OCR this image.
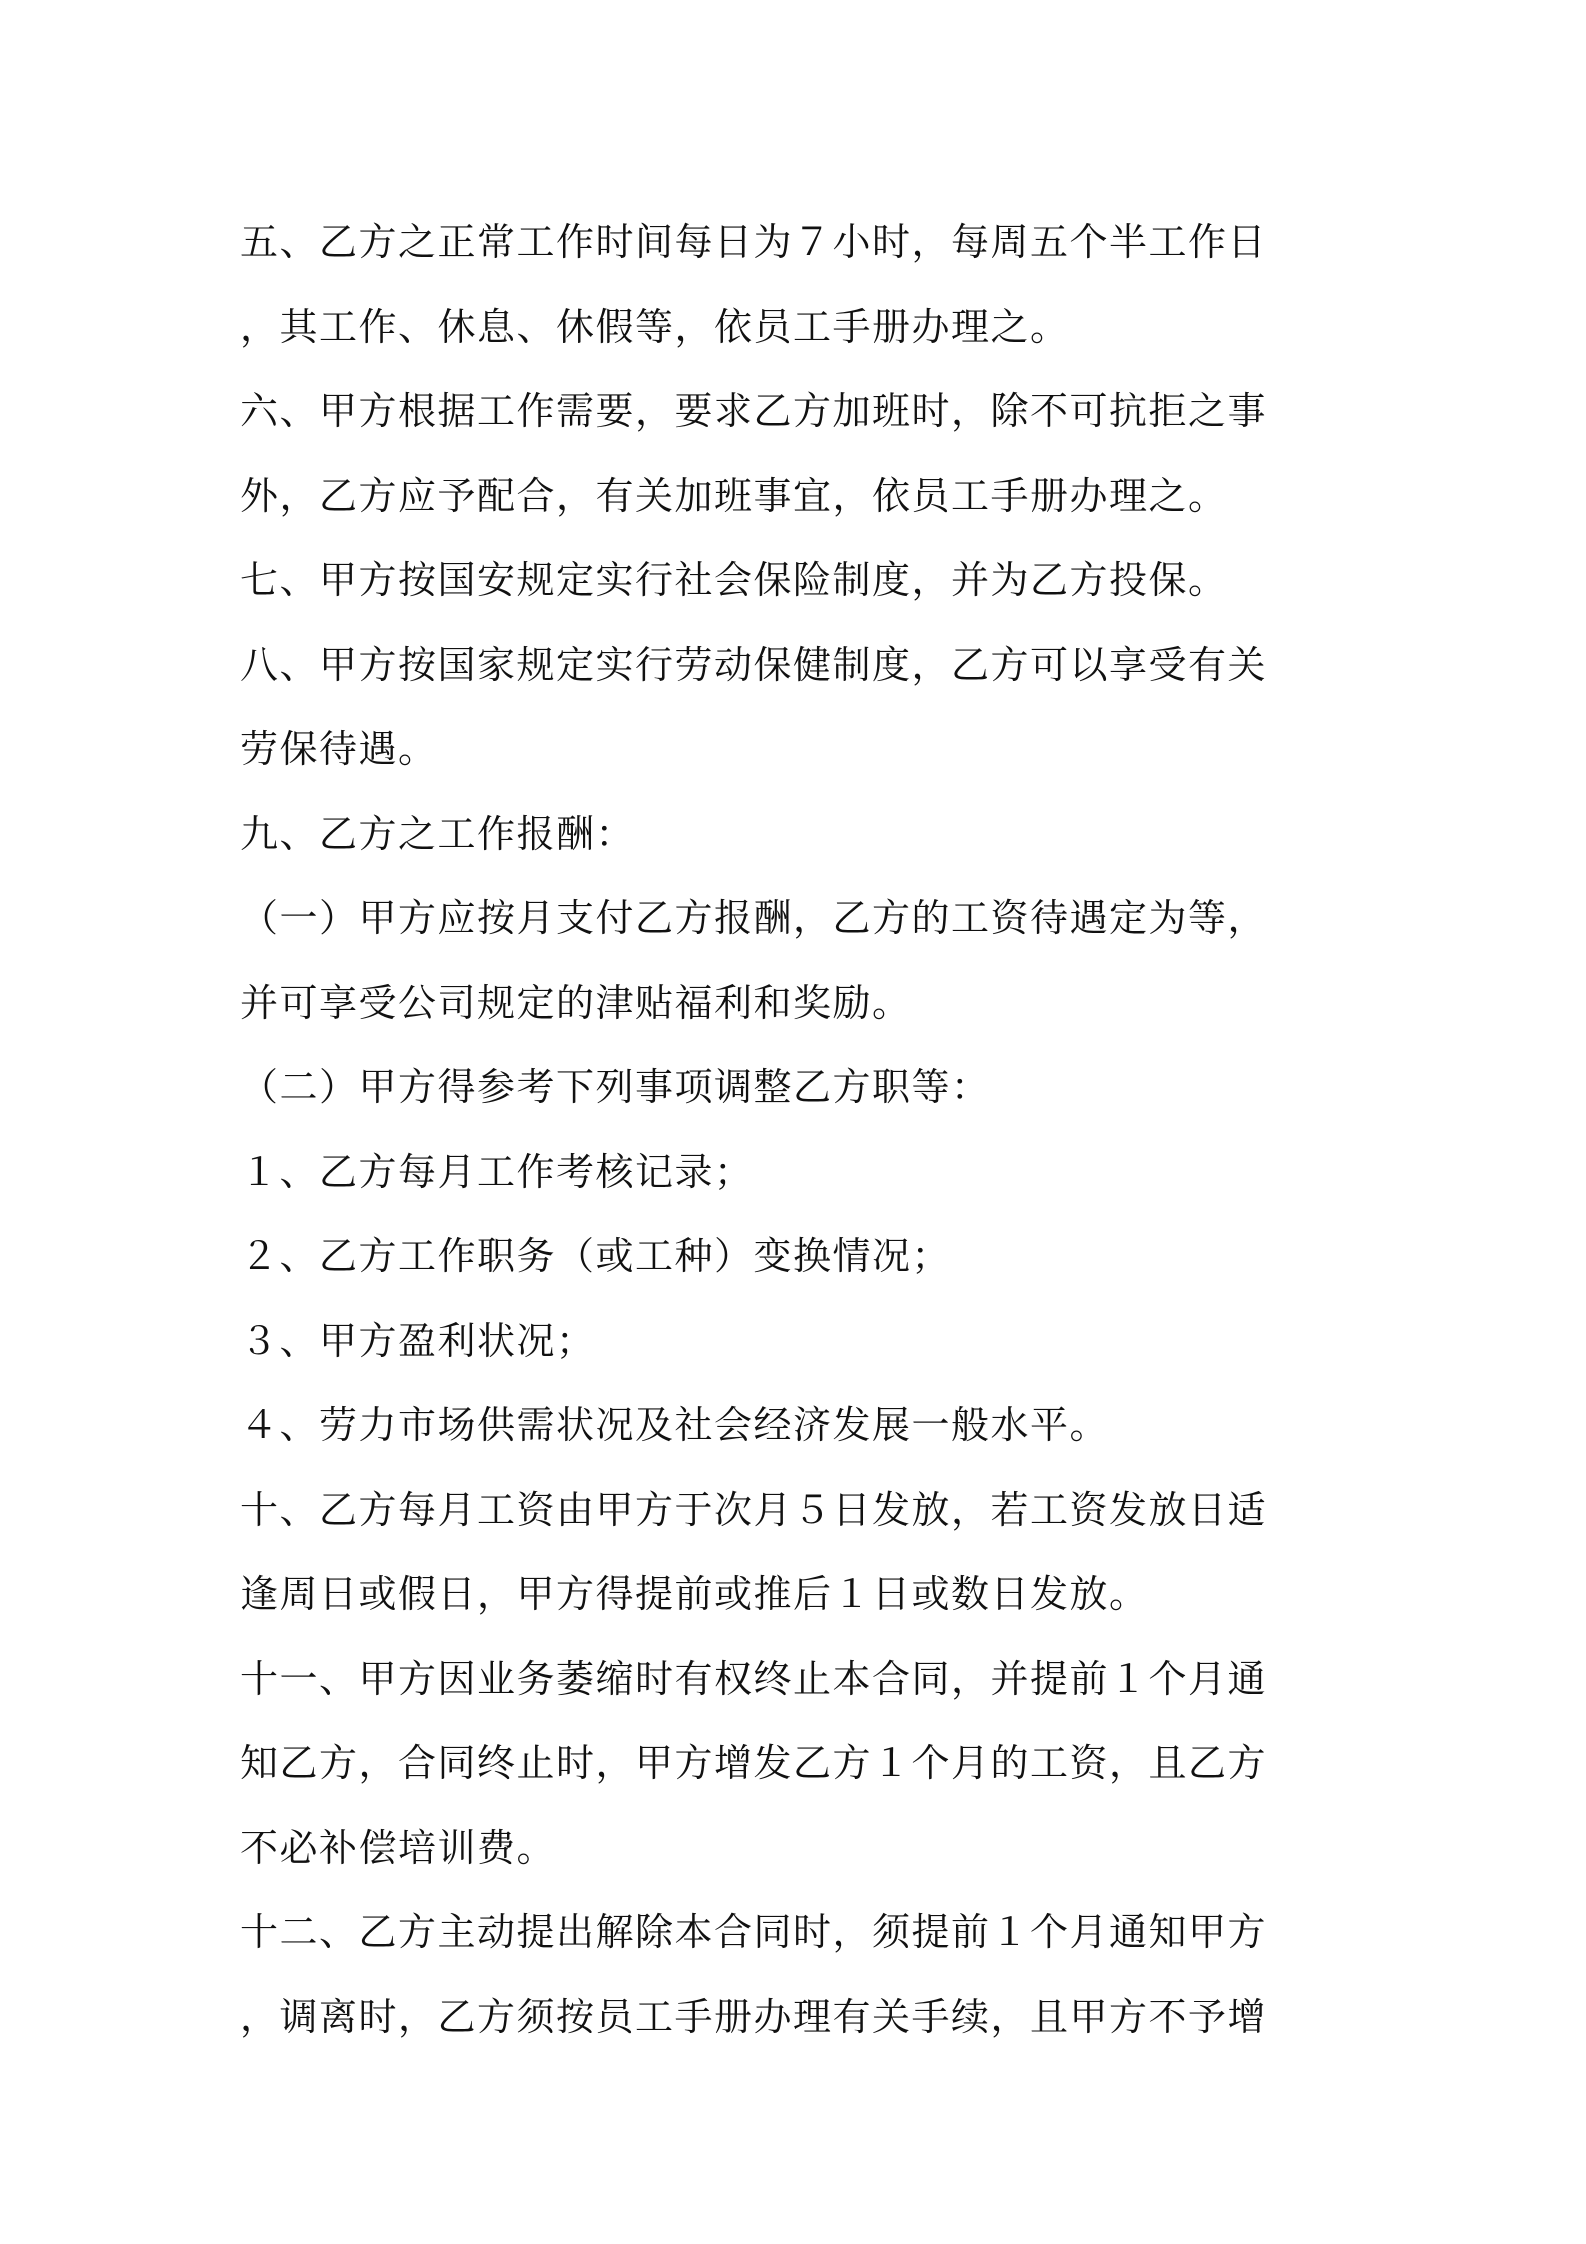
五、乙方之正常工作时间每日为７小时，每周五个半工作日
，其工作、休息、休假等，依员工手册办理之。
六、甲方根据工作需要，要求乙方加班时，除不可抗拒之事
外，乙方应予配合，有关加班事宜，依员工手册办理之。
七、甲方按国安规定实行社会保险制度，并为乙方投保。
八、甲方按国家规定实行劳动保健制度，乙方可以享受有关
劳保待遇。
九、乙方之工作报酬：
（一）甲方应按月支付乙方报酬，乙方的工资待遇定为等，
并可享受公司规定的津贴福利和奖励。
（二）甲方得参考下列事项调整乙方职等：
１、乙方每月工作考核记录；
２、乙方工作职务（或工种）变换情况；
３、甲方盈利状况；
４、劳力市场供需状况及社会经济发展一般水平。
十、乙方每月工资由甲方于次月５日发放，若工资发放日适
逢周日或假日，甲方得提前或推后１日或数日发放。
十一、甲方因业务萎缩时有权终止本合同，并提前１个月通
知乙方，合同终止时，甲方增发乙方１个月的工资，且乙方
不必补偿培训费。
十二、乙方主动提出解除本合同时，须提前１个月通知甲方
，调离时，乙方须按员工手册办理有关手续，且甲方不予增
